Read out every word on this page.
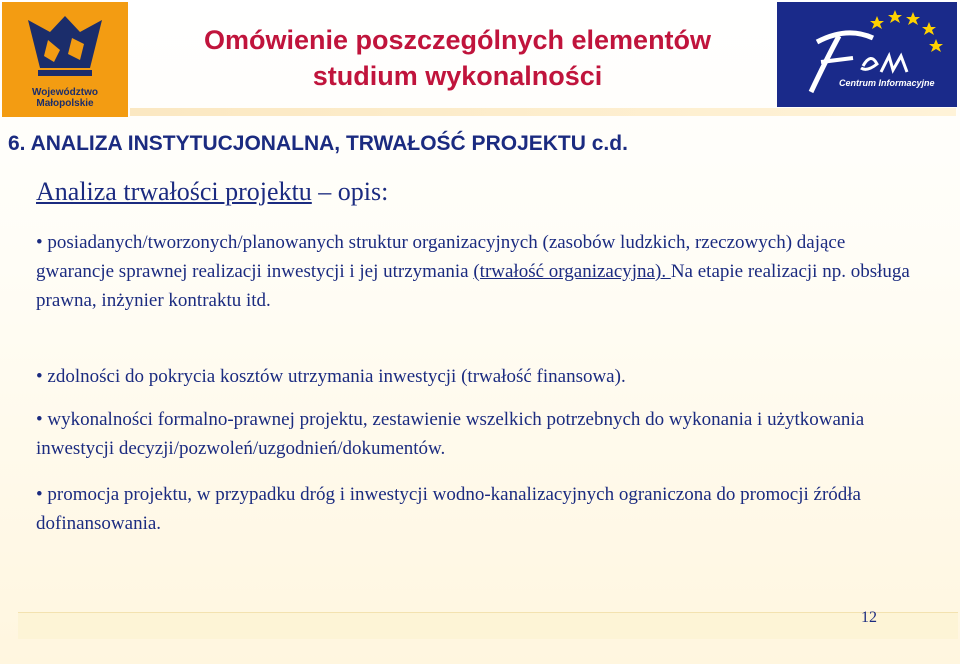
Województwo
Małopolskie
Centrum Informacyjne
Omówienie poszczególnych elementów
studium wykonalności
6. ANALIZA INSTYTUCJONALNA, TRWAŁOŚĆ PROJEKTU c.d.
Analiza trwałości projektu – opis:

• posiadanych/tworzonych/planowanych struktur organizacyjnych (zasobów ludzkich, rzeczowych) dające gwarancje sprawnej realizacji inwestycji i jej utrzymania (trwałość organizacyjna). Na etapie realizacji np. obsługa prawna, inżynier kontraktu itd.

• zdolności do pokrycia kosztów utrzymania inwestycji (trwałość finansowa).

• wykonalności formalno-prawnej projektu, zestawienie wszelkich potrzebnych do wykonania i użytkowania inwestycji decyzji/pozwoleń/uzgodnień/dokumentów.

• promocja projektu, w przypadku dróg i inwestycji wodno-kanalizacyjnych ograniczona do promocji źródła dofinansowania.

12
